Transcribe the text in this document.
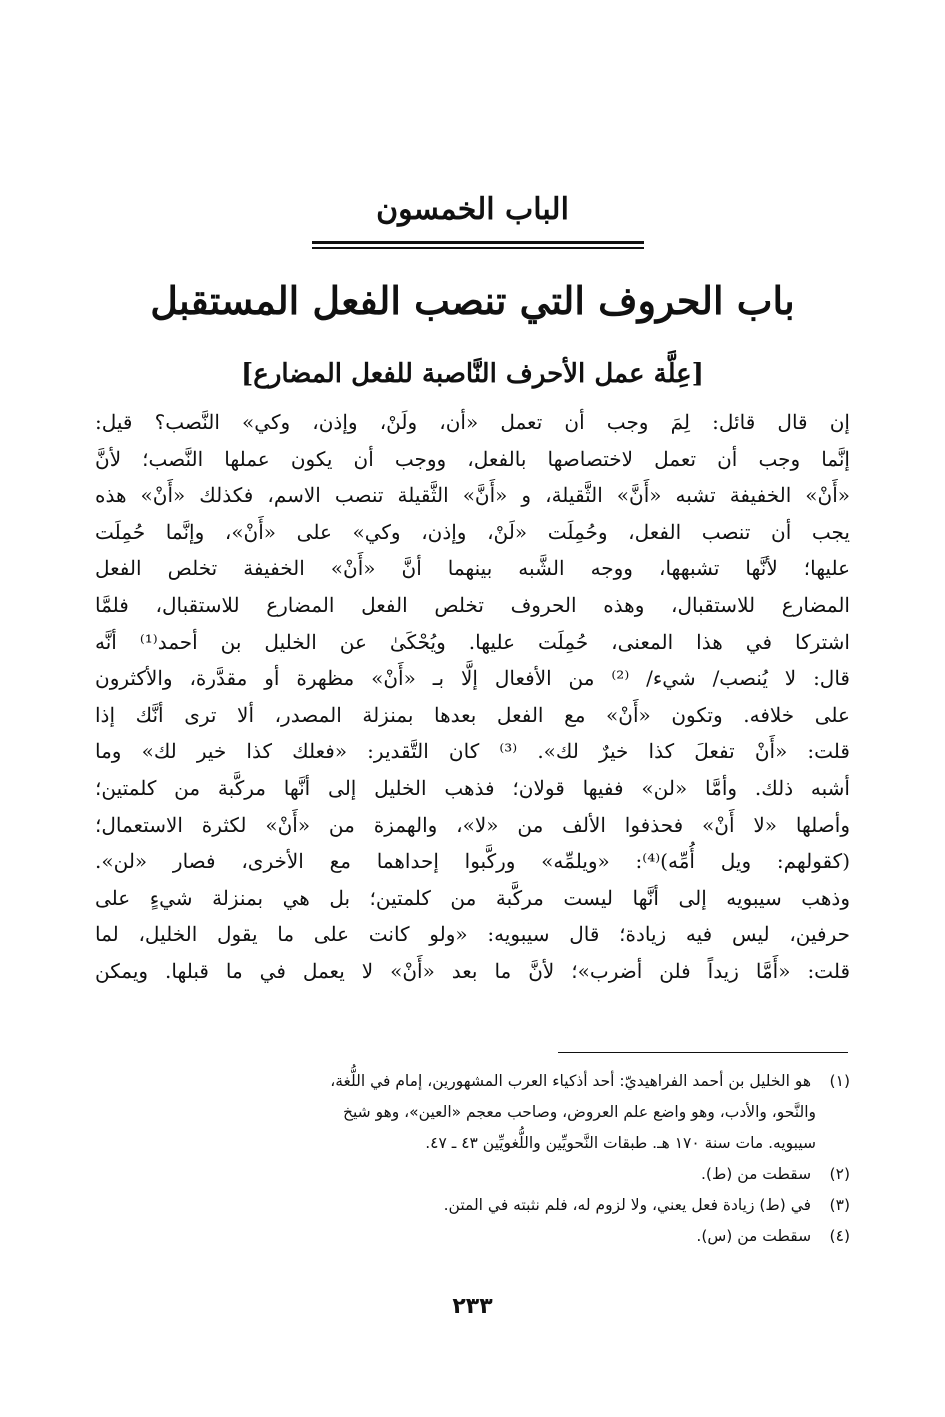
الباب الخمسون
باب الحروف التي تنصب الفعل المستقبل
[عِلَّة عمل الأحرف النَّاصبة للفعل المضارع]
إن قال قائل: لِمَ وجب أن تعمل «أن، ولَنْ، وإذن، وكي» النَّصب؟ قيل:
إنَّما وجب أن تعمل لاختصاصها بالفعل، ووجب أن يكون عملها النَّصب؛ لأنَّ
«أَنْ» الخفيفة تشبه «أَنَّ» الثَّقيلة، و «أَنَّ» الثَّقيلة تنصب الاسم، فكذلك «أَنْ» هذه
يجب أن تنصب الفعل، وحُمِلَت «لَنْ، وإذن، وكي» على «أَنْ»، وإنَّما حُمِلَت
عليها؛ لأنَّها تشبهها، ووجه الشَّبه بينهما أنَّ «أَنْ» الخفيفة تخلص الفعل
المضارع للاستقبال، وهذه الحروف تخلص الفعل المضارع للاستقبال، فلمَّا
اشتركا في هذا المعنى، حُمِلَت عليها. ويُحْكَىٰ عن الخليل بن أحمد⁽¹⁾ أنَّه
قال: لا يُنصب/ شيء/ ⁽²⁾ من الأفعال إلَّا بـ «أَنْ» مظهرة أو مقدَّرة، والأكثرون
على خلافه. وتكون «أَنْ» مع الفعل بعدها بمنزلة المصدر، ألا ترى أنَّك إذا
قلت: «أَنْ تفعلَ كذا خيرٌ لك». ⁽³⁾ كان التَّقدير: «فعلك كذا خير لك» وما
أشبه ذلك. وأمَّا «لن» ففيها قولان؛ فذهب الخليل إلى أنَّها مركَّبة من كلمتين؛
وأصلها «لا أَنْ» فحذفوا الألف من «لا»، والهمزة من «أَنْ» لكثرة الاستعمال؛
(كقولهم: ويل أُمِّه)⁽⁴⁾: «ويلمِّه» وركَّبوا إحداهما مع الأخرى، فصار «لن».
وذهب سيبويه إلى أنَّها ليست مركَّبة من كلمتين؛ بل هي بمنزلة شيءٍ على
حرفين، ليس فيه زيادة؛ قال سيبويه: «ولو كانت على ما يقول الخليل، لما
قلت: «أَمَّا زيداً فلن أضرب»؛ لأنَّ ما بعد «أَنْ» لا يعمل في ما قبلها. ويمكن
(١) هو الخليل بن أحمد الفراهيديّ: أحد أذكياء العرب المشهورين، إمام في اللُّغة،
والنَّحو، والأدب، وهو واضع علم العروض، وصاحب معجم «العين»، وهو شيخ
سيبويه. مات سنة ١٧٠ هـ. طبقات النَّحويِّين واللُّغويِّين ٤٣ ـ ٤٧.
(٢) سقطت من (ط).
(٣) في (ط) زيادة فعل يعني، ولا لزوم له، فلم نثبته في المتن.
(٤) سقطت من (س).
٢٣٣
